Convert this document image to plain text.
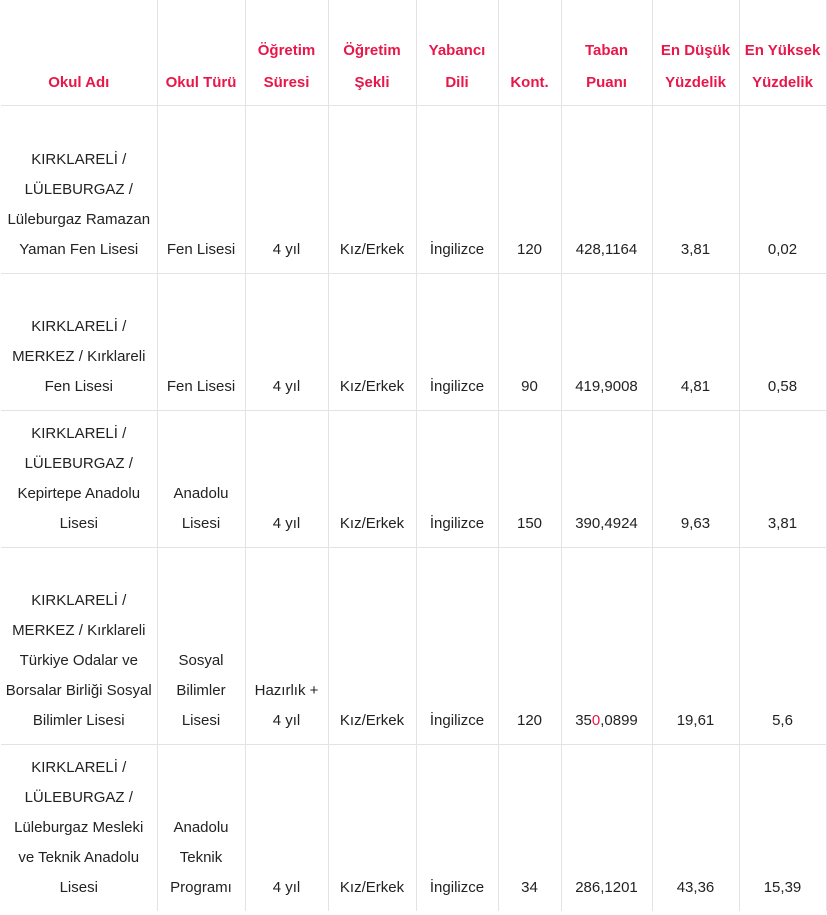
Okul Adı	Okul Türü	Öğretim Süresi	Öğretim Şekli	Yabancı Dili	Kont.	Taban Puanı	En Düşük Yüzdelik	En Yüksek Yüzdelik
KIRKLARELİ / LÜLEBURGAZ / Lüleburgaz Ramazan Yaman Fen Lisesi	Fen Lisesi	4 yıl	Kız/Erkek	İngilizce	120	428,1164	3,81	0,02
KIRKLARELİ / MERKEZ / Kırklareli Fen Lisesi	Fen Lisesi	4 yıl	Kız/Erkek	İngilizce	90	419,9008	4,81	0,58
KIRKLARELİ / LÜLEBURGAZ / Kepirtepe Anadolu Lisesi	Anadolu Lisesi	4 yıl	Kız/Erkek	İngilizce	150	390,4924	9,63	3,81
KIRKLARELİ / MERKEZ / Kırklareli Türkiye Odalar ve Borsalar Birliği Sosyal Bilimler Lisesi	Sosyal Bilimler Lisesi	Hazırlık + 4 yıl	Kız/Erkek	İngilizce	120	350,0899	19,61	5,6
KIRKLARELİ / LÜLEBURGAZ / Lüleburgaz Mesleki ve Teknik Anadolu Lisesi	Anadolu Teknik Programı	4 yıl	Kız/Erkek	İngilizce	34	286,1201	43,36	15,39
